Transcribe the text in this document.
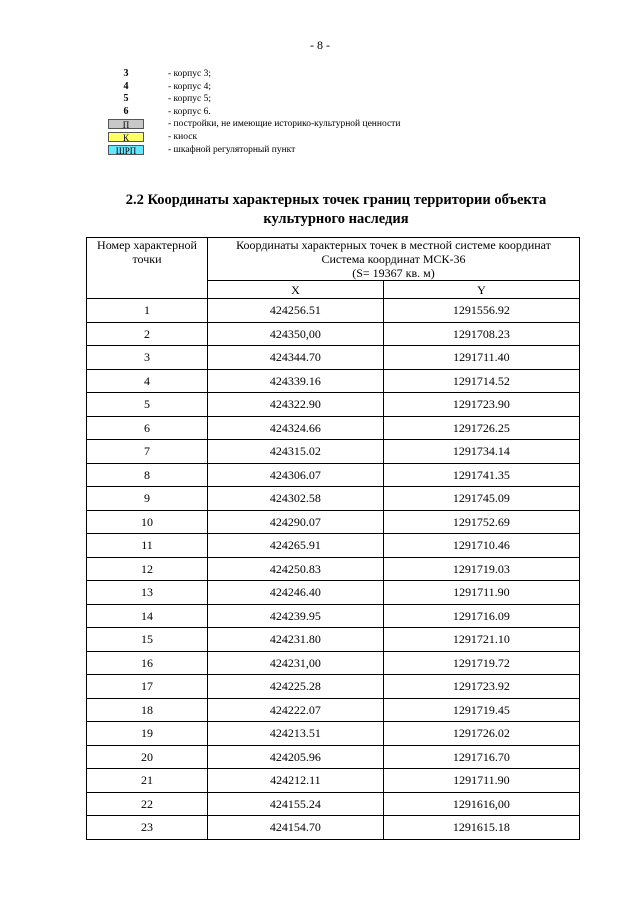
- 8 -
3	- корпус 3;
4	- корпус 4;
5	- корпус 5;
6	- корпус 6.
П	- постройки, не имеющие историко-культурной ценности
К	- киоск
ШРП	- шкафной регуляторный пункт
2.2 Координаты характерных точек границ территории объекта
культурного наследия
Номер характерной точки	Координаты характерных точек в местной системе координат
Система координат МСК-36
(S= 19367 кв. м)	

	X	Y
1	424256.51	1291556.92
2	424350,00	1291708.23
3	424344.70	1291711.40
4	424339.16	1291714.52
5	424322.90	1291723.90
6	424324.66	1291726.25
7	424315.02	1291734.14
8	424306.07	1291741.35
9	424302.58	1291745.09
10	424290.07	1291752.69
11	424265.91	1291710.46
12	424250.83	1291719.03
13	424246.40	1291711.90
14	424239.95	1291716.09
15	424231.80	1291721.10
16	424231,00	1291719.72
17	424225.28	1291723.92
18	424222.07	1291719.45
19	424213.51	1291726.02
20	424205.96	1291716.70
21	424212.11	1291711.90
22	424155.24	1291616,00
23	424154.70	1291615.18
